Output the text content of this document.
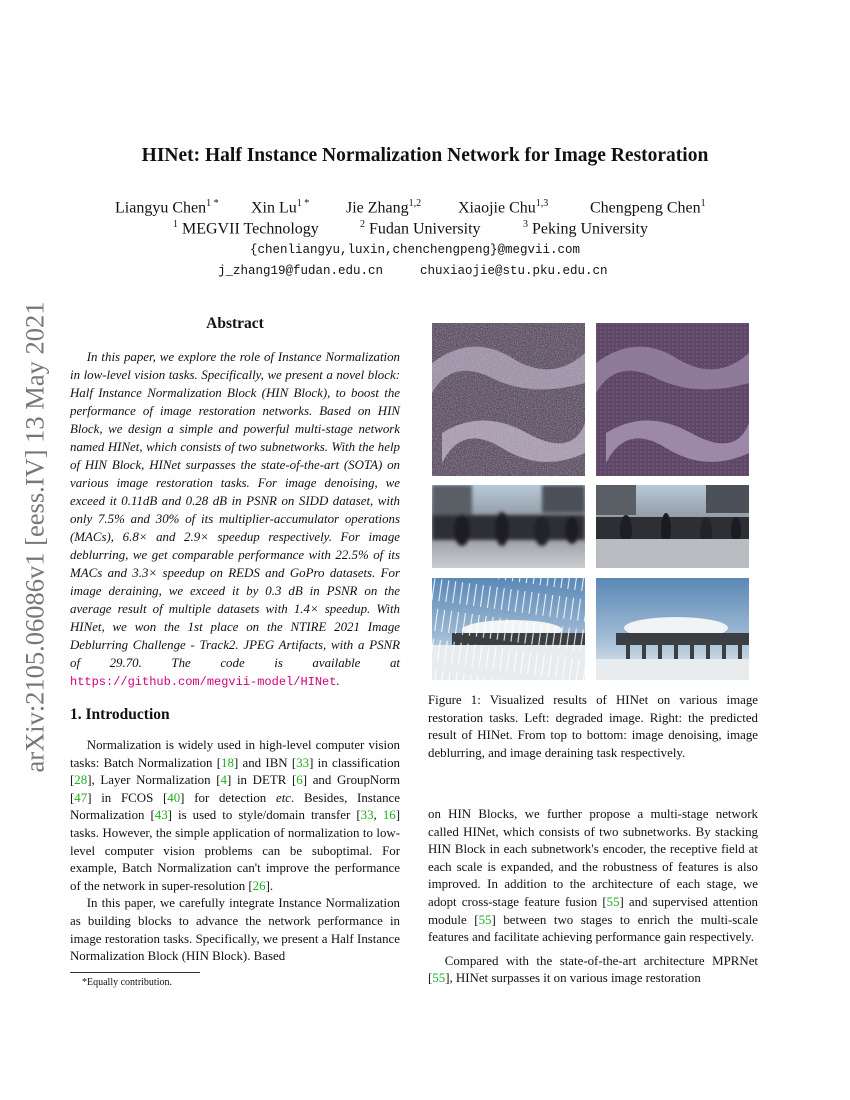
arXiv:2105.06086v1 [eess.IV] 13 May 2021
HINet: Half Instance Normalization Network for Image Restoration
Liangyu Chen$^{1 *}$ Xin $Lu^{1 *}$ Jie Zhang$^{1,2}$ Xiaojie Chu$^{1,3}$	Chengpeng Chen$^1$
$^1$ MEGVII Technology	$^2$ Fudan University	$^3$ Peking University
{chenliangyu,luxin,chenchengpeng}@megvii.com
j_zhang19@fudan.edu.cn	chuxiaojie@stu.pku.edu.cn
Abstract
In this paper, we explore the role of Instance Normalization in low-level vision tasks. Specifically, we present a novel block: Half Instance Normalization Block (HIN Block), to boost the performance of image restoration networks. Based on HIN Block, we design a simple and powerful multi-stage network named HINet, which consists of two subnetworks. With the help of HIN Block, HINet surpasses the state-of-the-art (SOTA) on various image restoration tasks. For image denoising, we exceed it 0.11dB and 0.28 dB in PSNR on SIDD dataset, with only 7.5% and 30% of its multiplier-accumulator operations (MACs), 6.8× and 2.9× speedup respectively. For image deblurring, we get comparable performance with 22.5% of its MACs and 3.3× speedup on REDS and GoPro datasets. For image deraining, we exceed it by 0.3 dB in PSNR on the average result of multiple datasets with 1.4× speedup. With HINet, we won the 1st place on the NTIRE 2021 Image Deblurring Challenge - Track2. JPEG Artifacts, with a PSNR of 29.70. The code is available at https://github.com/megvii-model/HINet.
1. Introduction

Normalization is widely used in high-level computer vision tasks: Batch Normalization [18] and IBN [33] in classification [28], Layer Normalization [4] in DETR [6] and GroupNorm [47] in FCOS [40] for detection etc. Besides, Instance Normalization [43] is used to style/domain transfer [33, 16] tasks. However, the simple application of normalization to low-level computer vision problems can be suboptimal. For example, Batch Normalization can't improve the performance of the network in super-resolution [26].

In this paper, we carefully integrate Instance Normalization as building blocks to advance the network performance in image restoration tasks. Specifically, we present a Half Instance Normalization Block (HIN Block). Based

*Equally contribution.
Figure 1: Visualized results of HINet on various image restoration tasks. Left: degraded image. Right: the predicted result of HINet. From top to bottom: image denoising, image deblurring, and image deraining task respectively.

on HIN Blocks, we further propose a multi-stage network called HINet, which consists of two subnetworks. By stacking HIN Block in each subnetwork's encoder, the receptive field at each scale is expanded, and the robustness of features is also improved. In addition to the architecture of each stage, we adopt cross-stage feature fusion [55] and supervised attention module [55] between two stages to enrich the multi-scale features and facilitate achieving performance gain respectively.

Compared with the state-of-the-art architecture MPRNet [55], HINet surpasses it on various image restoration
